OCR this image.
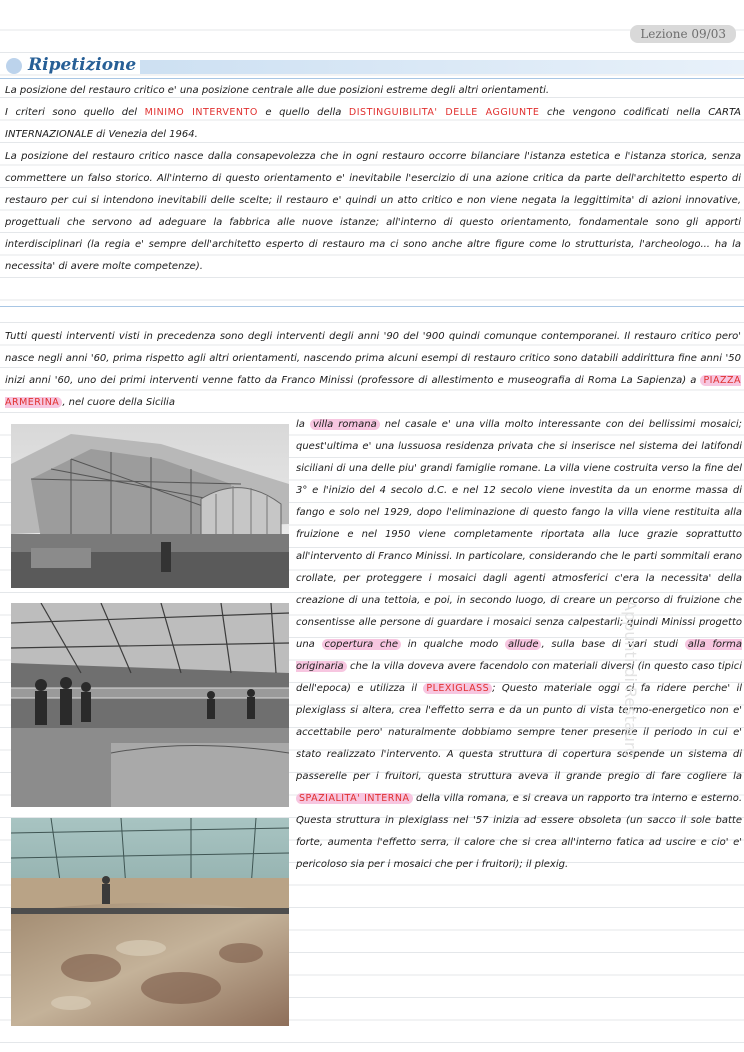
Lezione 09/03
Ripetizione

La posizione del restauro critico e' una posizione centrale alle due posizioni estreme degli altri orientamenti.
I criteri sono quello del MINIMO INTERVENTO e quello della DISTINGUIBILITA' DELLE AGGIUNTE che vengono codificati nella CARTA INTERNAZIONALE di Venezia del 1964.
La posizione del restauro critico nasce dalla consapevolezza che in ogni restauro occorre bilanciare l'istanza estetica e l'istanza storica, senza commettere un falso storico. All'interno di questo orientamento e' inevitabile l'esercizio di una azione critica da parte dell'architetto esperto di restauro per cui si intendono inevitabili delle scelte; il restauro e' quindi un atto critico e non viene negata la leggittimita' di azioni innovative, progettuali che servono ad adeguare la fabbrica alle nuove istanze; all'interno di questo orientamento, fondamentale sono gli apporti interdisciplinari (la regia e' sempre dell'architetto esperto di restauro ma ci sono anche altre figure come lo strutturista, l'archeologo... ha la necessita' di avere molte competenze).

Tutti questi interventi visti in precedenza sono degli interventi degli anni '90 del '900 quindi comunque contemporanei. Il restauro critico pero' nasce negli anni '60, prima rispetto agli altri orientamenti, nascendo prima alcuni esempi di restauro critico sono databili addirittura fine anni '50 inizi anni '60, uno dei primi interventi venne fatto da Franco Minissi (professore di allestimento e museografia di Roma La Sapienza) a PIAZZA ARMERINA , nel cuore della Sicilia

la villa romana nel casale e' una villa molto interessante con dei bellissimi mosaici; quest'ultima e' una lussuosa residenza privata che si inserisce nel sistema dei latifondi siciliani di una delle piu' grandi famiglie romane. La villa viene costruita verso la fine del 3° e l'inizio del 4 secolo d.C. e nel 12 secolo viene investita da un enorme massa di fango e solo nel 1929, dopo l'eliminazione di questo fango la villa viene restituita alla fruizione e nel 1950 viene completamente riportata alla luce grazie soprattutto all'intervento di Franco Minissi. In particolare, considerando che le parti sommitali erano crollate, per proteggere i mosaici dagli agenti atmosferici c'era la necessita' della creazione di una tettoia, e poi, in secondo luogo, di creare un percorso di fruizione che consentisse alle persone di guardare i mosaici senza calpestarli; quindi Minissi progetto una copertura che in qualche modo allude , sulla base di vari studi alla forma originaria che la villa doveva avere facendolo con materiali diversi (in questo caso tipici dell'epoca) e utilizza il PLEXIGLASS ; Questo materiale oggi ci fa ridere perche' il plexiglass si altera, crea l'effetto serra e da un punto di vista termo-energetico non e' accettabile pero' naturalmente dobbiamo sempre tener presente il periodo in cui e' stato realizzato l'intervento. A questa struttura di copertura sospende un sistema di passerelle per i fruitori, questa struttura aveva il grande pregio di fare cogliere la SPAZIALITA' INTERNA della villa romana, e si creava un rapporto tra interno e esterno. Questa struttura in plexiglass nel '57 inizia ad essere obsoleta (un sacco il sole batte forte, aumenta l'effetto serra, il calore che si crea all'interno fatica ad uscire e cio' e' pericoloso sia per i mosaici che per i fruitori); il plexig.

Appunti di Restauro
